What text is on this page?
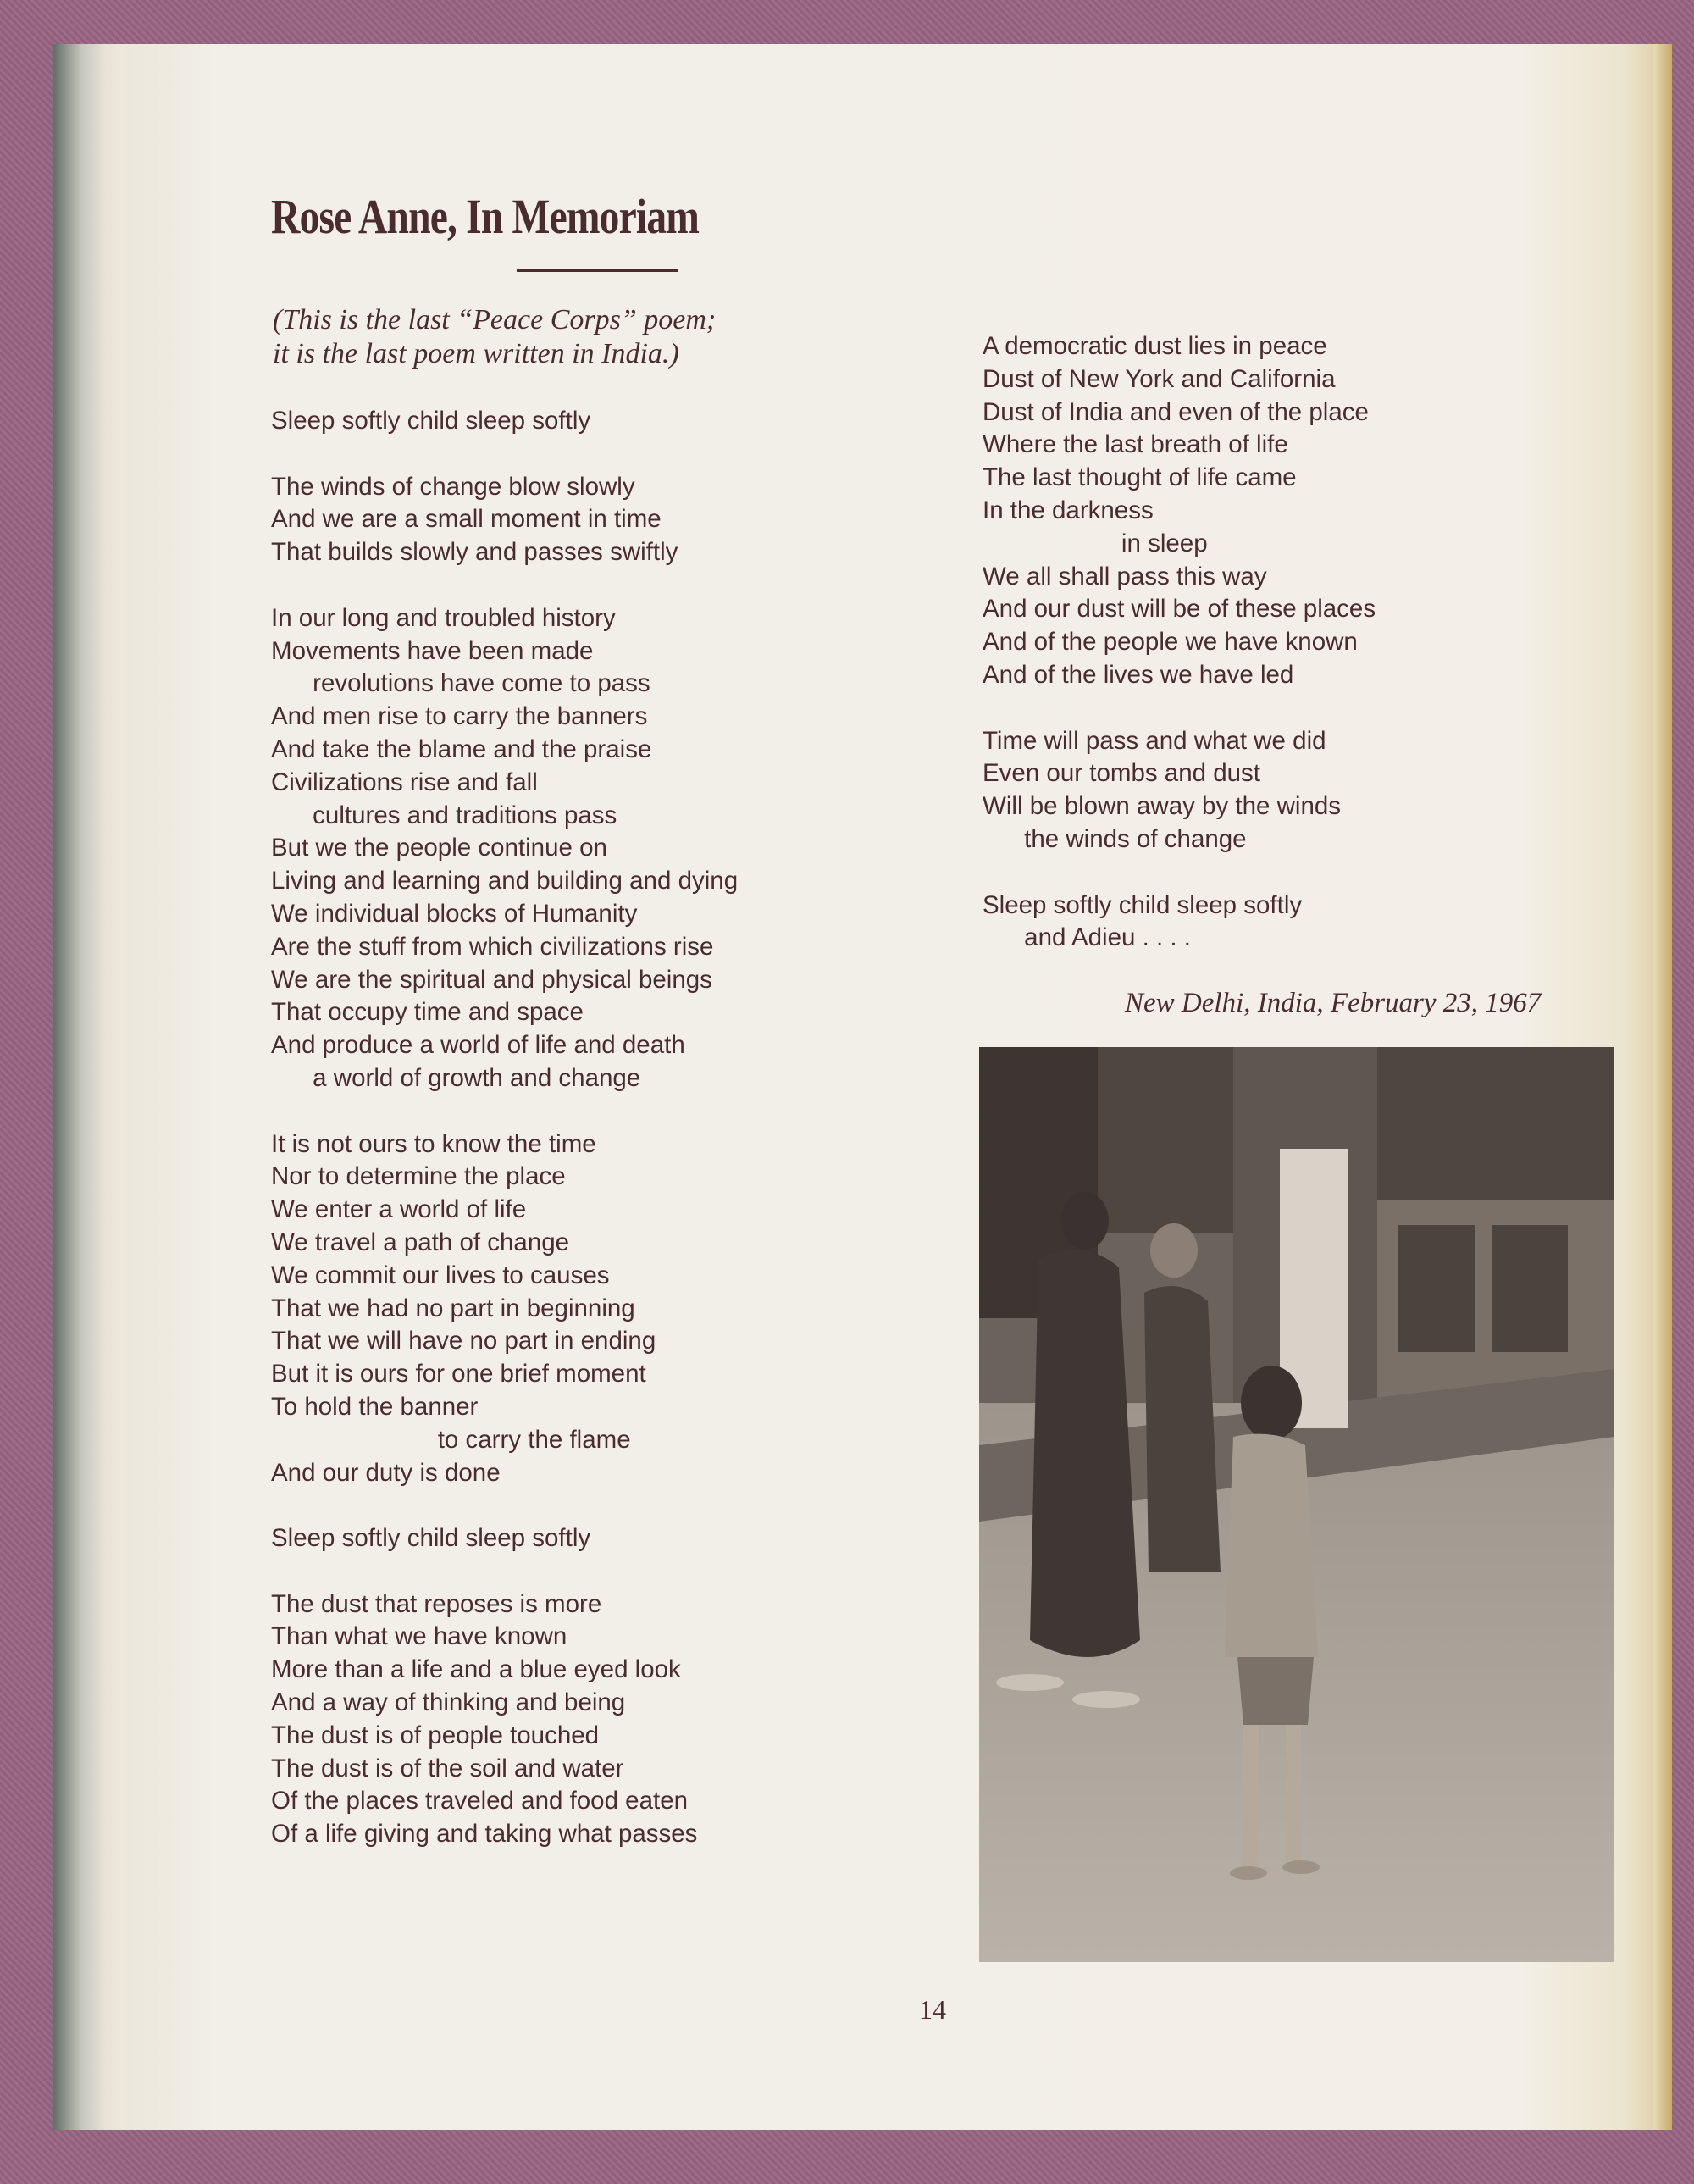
Rose Anne, In Memoriam

(This is the last “Peace Corps” poem;
it is the last poem written in India.)

Sleep softly child sleep softly

The winds of change blow slowly
And we are a small moment in time
That builds slowly and passes swiftly

In our long and troubled history
Movements have been made
revolutions have come to pass
And men rise to carry the banners
And take the blame and the praise
Civilizations rise and fall
cultures and traditions pass
But we the people continue on
Living and learning and building and dying
We individual blocks of Humanity
Are the stuff from which civilizations rise
We are the spiritual and physical beings
That occupy time and space
And produce a world of life and death
a world of growth and change

It is not ours to know the time
Nor to determine the place
We enter a world of life
We travel a path of change
We commit our lives to causes
That we had no part in beginning
That we will have no part in ending
But it is ours for one brief moment
To hold the banner
to carry the flame
And our duty is done

Sleep softly child sleep softly

The dust that reposes is more
Than what we have known
More than a life and a blue eyed look
And a way of thinking and being
The dust is of people touched
The dust is of the soil and water
Of the places traveled and food eaten
Of a life giving and taking what passes

A democratic dust lies in peace
Dust of New York and California
Dust of India and even of the place
Where the last breath of life
The last thought of life came
In the darkness
in sleep
We all shall pass this way
And our dust will be of these places
And of the people we have known
And of the lives we have led

Time will pass and what we did
Even our tombs and dust
Will be blown away by the winds
the winds of change

Sleep softly child sleep softly
and Adieu . . . .

New Delhi, India, February 23, 1967
14
